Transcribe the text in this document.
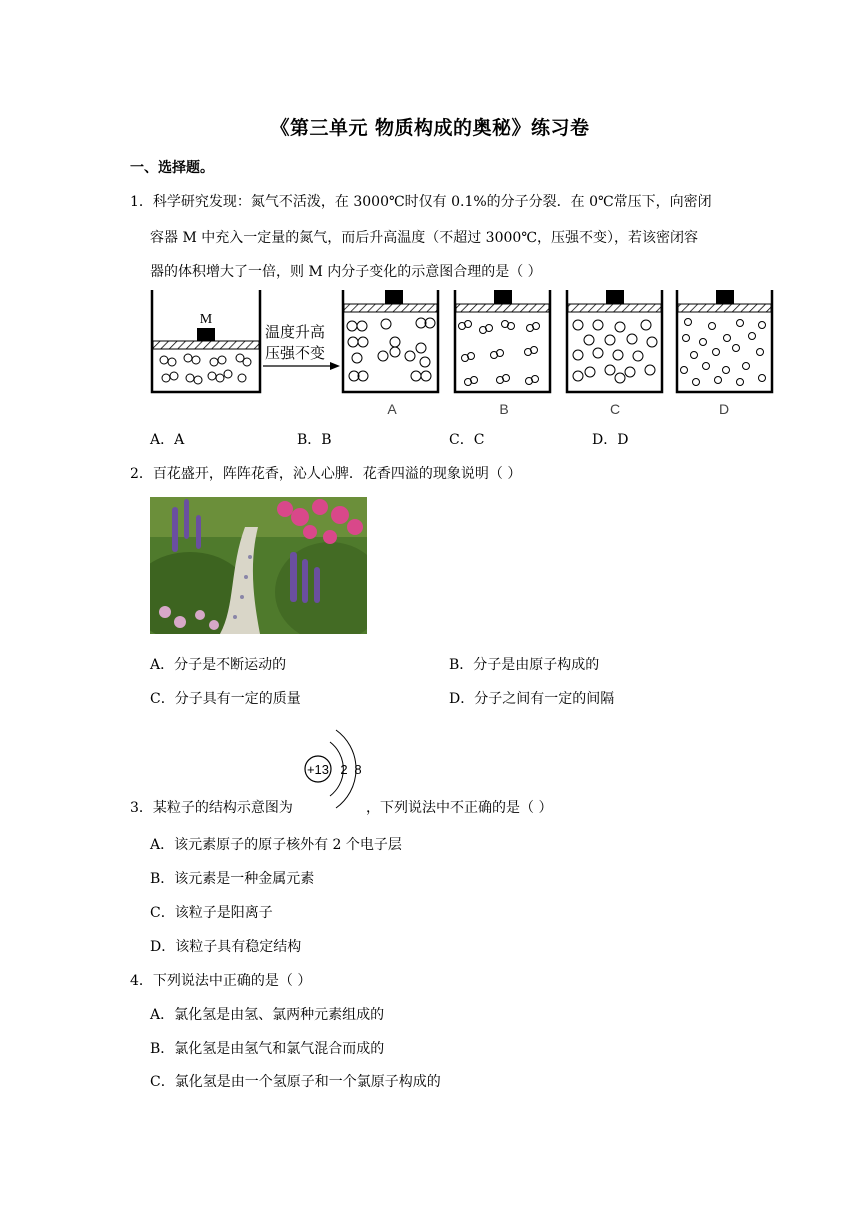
《第三单元 物质构成的奥秘》练习卷
一、选择题。
1．科学研究发现：氮气不活泼，在 3000℃时仅有 0.1%的分子分裂．在 0℃常压下，向密闭
容器 M 中充入一定量的氮气，而后升高温度（不超过 3000℃，压强不变），若该密闭容
器的体积增大了一倍，则 M 内分子变化的示意图合理的是（ ）
M
温度升高
压强不变
A	B	C	D
A．A	B．B	C．C	D．D
2．百花盛开，阵阵花香，沁人心脾．花香四溢的现象说明（ ）
A．分子是不断运动的	B．分子是由原子构成的
C．分子具有一定的质量	D．分子之间有一定的间隔
+13 2 8
3．某粒子的结构示意图为	，下列说法中不正确的是（ ）
A．该元素原子的原子核外有 2 个电子层
B．该元素是一种金属元素
C．该粒子是阳离子
D．该粒子具有稳定结构
4．下列说法中正确的是（ ）
A．氯化氢是由氢、氯两种元素组成的
B．氯化氢是由氢气和氯气混合而成的
C．氯化氢是由一个氢原子和一个氯原子构成的
